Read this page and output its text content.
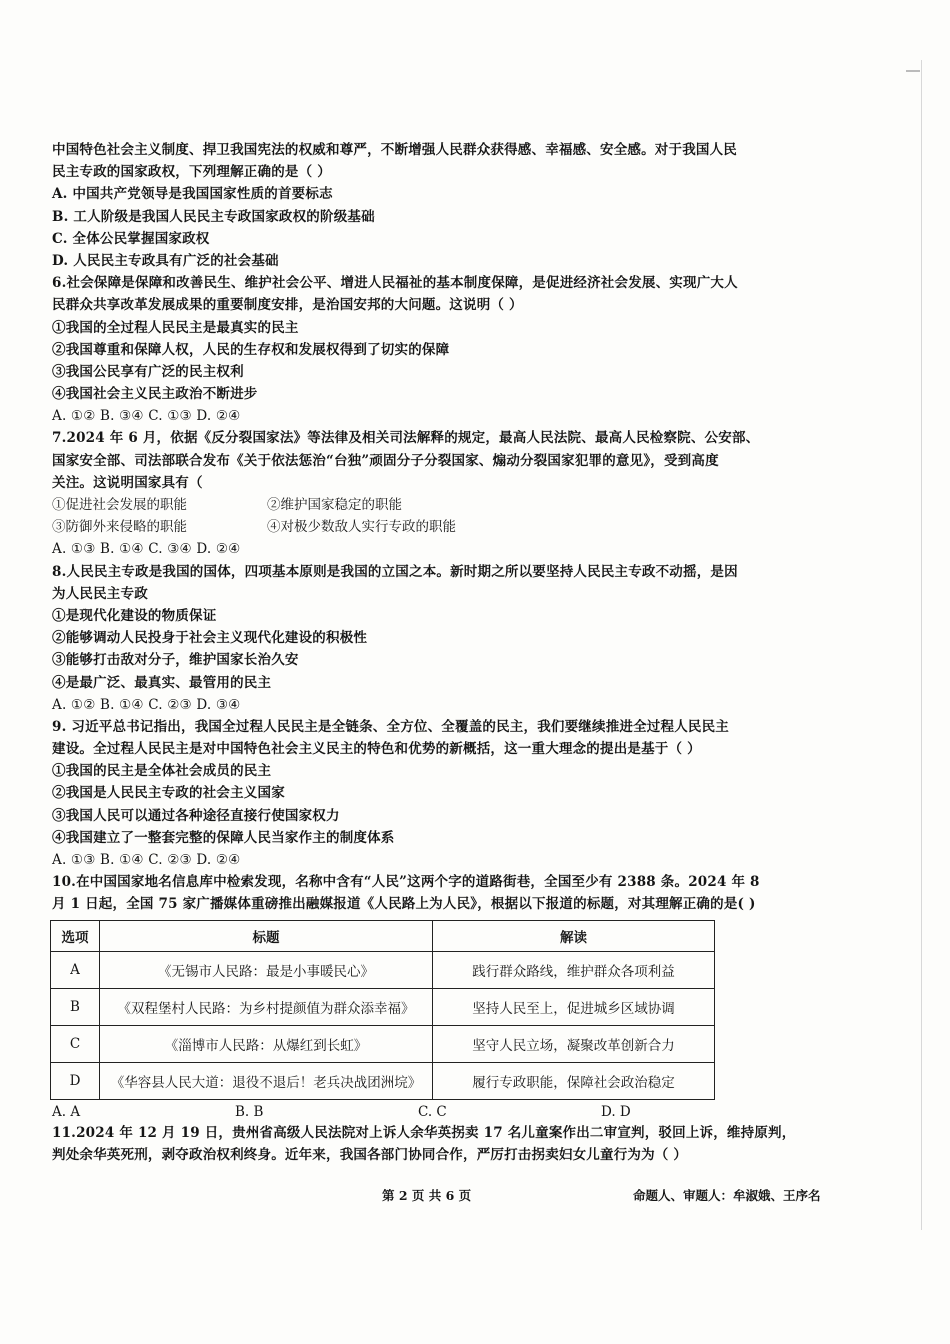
中国特色社会主义制度、捍卫我国宪法的权威和尊严，不断增强人民群众获得感、幸福感、安全感。对于我国人民
民主专政的国家政权，下列理解正确的是（ ）
A. 中国共产党领导是我国国家性质的首要标志
B. 工人阶级是我国人民民主专政国家政权的阶级基础
C. 全体公民掌握国家政权
D. 人民民主专政具有广泛的社会基础
6.社会保障是保障和改善民生、维护社会公平、增进人民福祉的基本制度保障，是促进经济社会发展、实现广大人
民群众共享改革发展成果的重要制度安排，是治国安邦的大问题。这说明（ ）
①我国的全过程人民民主是最真实的民主
②我国尊重和保障人权，人民的生存权和发展权得到了切实的保障
③我国公民享有广泛的民主权利
④我国社会主义民主政治不断进步
A. ①② B. ③④ C. ①③ D. ②④
7.2024 年 6 月，依据《反分裂国家法》等法律及相关司法解释的规定，最高人民法院、最高人民检察院、公安部、
国家安全部、司法部联合发布《关于依法惩治“台独”顽固分子分裂国家、煽动分裂国家犯罪的意见》，受到高度
关注。这说明国家具有（
①促进社会发展的职能	②维护国家稳定的职能
③防御外来侵略的职能	④对极少数敌人实行专政的职能
A. ①③ B. ①④ C. ③④ D. ②④
8.人民民主专政是我国的国体，四项基本原则是我国的立国之本。新时期之所以要坚持人民民主专政不动摇，是因
为人民民主专政
①是现代化建设的物质保证
②能够调动人民投身于社会主义现代化建设的积极性
③能够打击敌对分子，维护国家长治久安
④是最广泛、最真实、最管用的民主
A. ①② B. ①④ C. ②③ D. ③④
9. 习近平总书记指出，我国全过程人民民主是全链条、全方位、全覆盖的民主，我们要继续推进全过程人民民主
建设。全过程人民民主是对中国特色社会主义民主的特色和优势的新概括，这一重大理念的提出是基于（ ）
①我国的民主是全体社会成员的民主
②我国是人民民主专政的社会主义国家
③我国人民可以通过各种途径直接行使国家权力
④我国建立了一整套完整的保障人民当家作主的制度体系
A. ①③ B. ①④ C. ②③ D. ②④
10.在中国国家地名信息库中检索发现，名称中含有“人民”这两个字的道路街巷，全国至少有 2388 条。2024 年 8
月 1 日起，全国 75 家广播媒体重磅推出融媒报道《人民路上为人民》，根据以下报道的标题，对其理解正确的是( )
选项	标题	解读
A	《无锡市人民路：最是小事暖民心》	践行群众路线，维护群众各项利益
B	《双程堡村人民路：为乡村提颜值为群众添幸福》	坚持人民至上，促进城乡区域协调
C	《淄博市人民路：从爆红到长虹》	坚守人民立场，凝聚改革创新合力
D	《华容县人民大道：退役不退后！老兵决战团洲垸》	履行专政职能，保障社会政治稳定
A. A	B. B	C. C	D. D
11.2024 年 12 月 19 日，贵州省高级人民法院对上诉人余华英拐卖 17 名儿童案作出二审宣判，驳回上诉，维持原判，
判处余华英死刑，剥夺政治权利终身。近年来，我国各部门协同合作，严厉打击拐卖妇女儿童行为为（ ）
第 2 页 共 6 页	命题人、审题人：牟淑娥、王序名
